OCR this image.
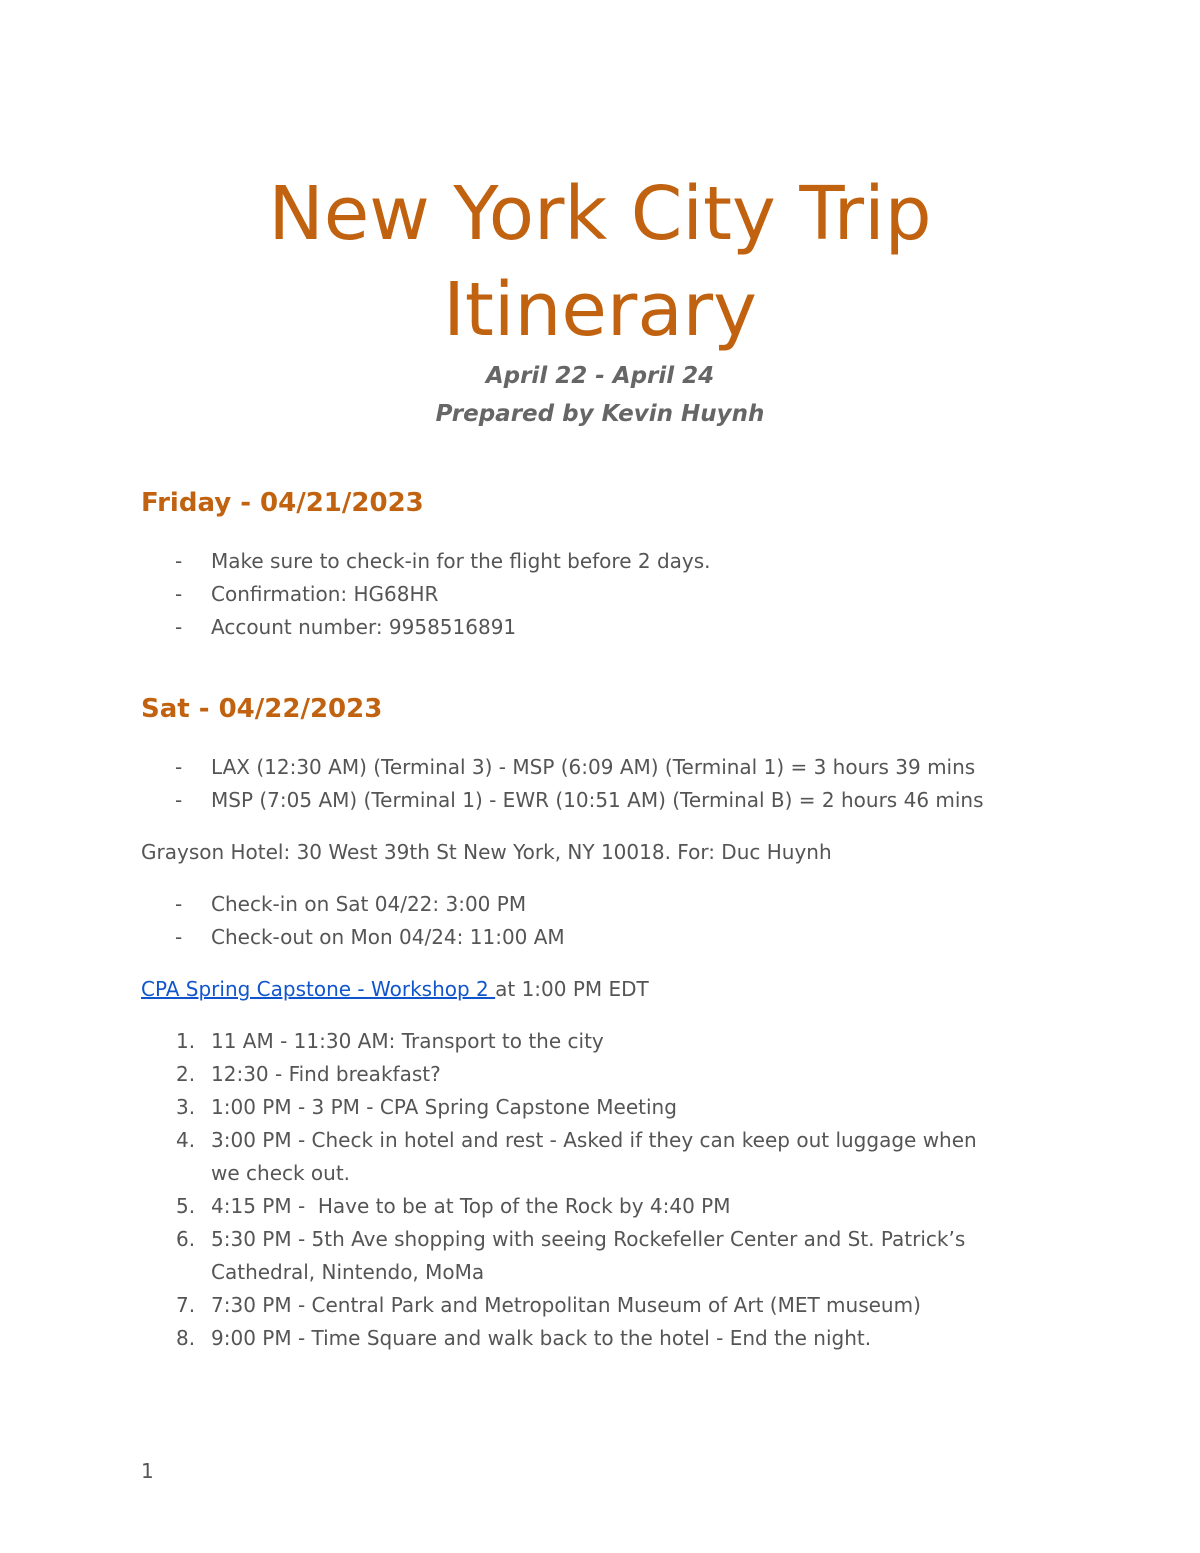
New York City Trip
Itinerary

April 22 - April 24

Prepared by Kevin Huynh

Friday - 04/21/2023
- Make sure to check-in for the flight before 2 days.
- Confirmation: HG68HR
- Account number: 9958516891
Sat - 04/22/2023
- LAX (12:30 AM) (Terminal 3) - MSP (6:09 AM) (Terminal 1) = 3 hours 39 mins
- MSP (7:05 AM) (Terminal 1) - EWR (10:51 AM) (Terminal B) = 2 hours 46 mins

Grayson Hotel: 30 West 39th St New York, NY 10018. For: Duc Huynh

- Check-in on Sat 04/22: 3:00 PM
- Check-out on Mon 04/24: 11:00 AM

CPA Spring Capstone - Workshop 2 at 1:00 PM EDT

1. 11 AM - 11:30 AM: Transport to the city
2. 12:30 - Find breakfast?
3. 1:00 PM - 3 PM - CPA Spring Capstone Meeting
4. 3:00 PM - Check in hotel and rest - Asked if they can keep out luggage when
we check out.
5. 4:15 PM -  Have to be at Top of the Rock by 4:40 PM
6. 5:30 PM - 5th Ave shopping with seeing Rockefeller Center and St. Patrick’s
Cathedral, Nintendo, MoMa
7. 7:30 PM - Central Park and Metropolitan Museum of Art (MET museum)
8. 9:00 PM - Time Square and walk back to the hotel - End the night.
1
